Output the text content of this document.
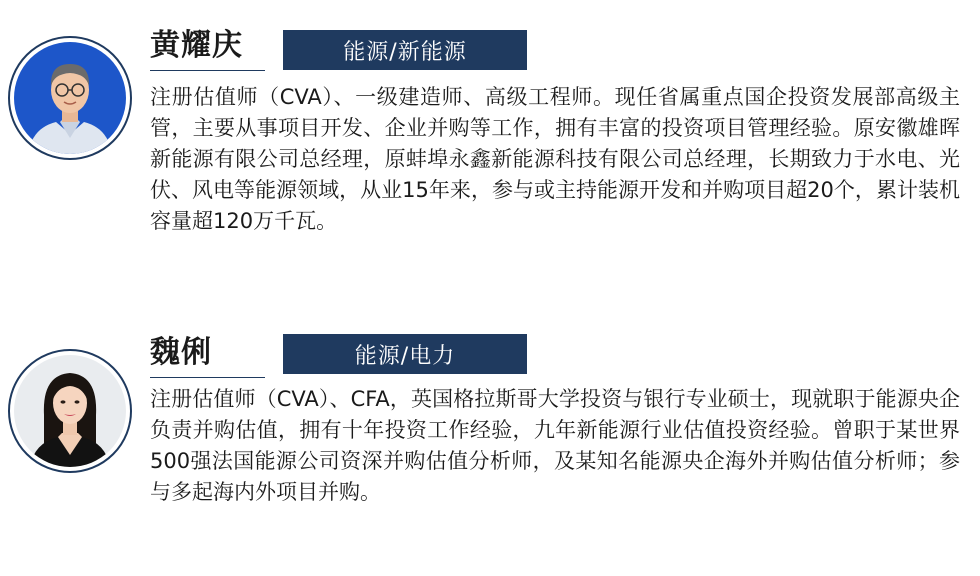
黄耀庆	能源/新能源
注册估值师（CVA）、一级建造师、高级工程师。现任省属重点国企投资发展部高级主管，主要从事项目开发、企业并购等工作，拥有丰富的投资项目管理经验。原安徽雄晖新能源有限公司总经理，原蚌埠永鑫新能源科技有限公司总经理，长期致力于水电、光伏、风电等能源领域，从业15年来，参与或主持能源开发和并购项目超20个，累计装机容量超120万千瓦。
魏俐	能源/电力
注册估值师（CVA）、CFA，英国格拉斯哥大学投资与银行专业硕士，现就职于能源央企负责并购估值，拥有十年投资工作经验，九年新能源行业估值投资经验。曾职于某世界500强法国能源公司资深并购估值分析师，及某知名能源央企海外并购估值分析师；参与多起海内外项目并购。
